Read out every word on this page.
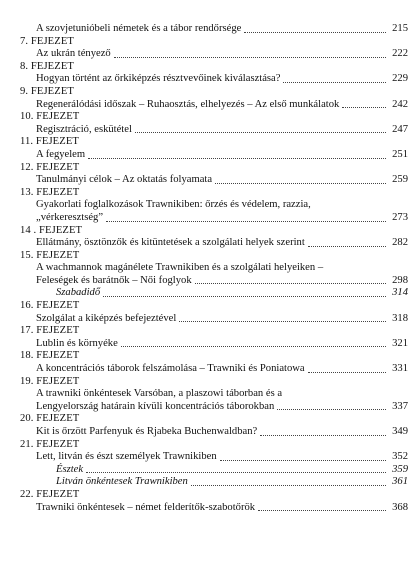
A szovjetunióbeli németek és a tábor rendőrsége	215
7. FEJEZET
Az ukrán tényező	222
8. FEJEZET
Hogyan történt az őrkiképzés résztvevőinek kiválasztása?	229
9. FEJEZET
Regenerálódási időszak – Ruhaosztás, elhelyezés – Az első munkálatok	242
10. FEJEZET
Regisztráció, eskütétel	247
11. FEJEZET
A fegyelem	251
12. FEJEZET
Tanulmányi célok – Az oktatás folyamata	259
13. FEJEZET
Gyakorlati foglalkozások Trawnikiben: őrzés és védelem, razzia,
„vérkeresztség”	273
14 . FEJEZET
Ellátmány, ösztönzők és kitüntetések a szolgálati helyek szerint	282
15. FEJEZET
A wachmannok magánélete Trawnikiben és a szolgálati helyeiken –
Feleségek és barátnők – Női foglyok	298
Szabadidő	314
16. FEJEZET
Szolgálat a kiképzés befejeztével	318
17. FEJEZET
Lublin és környéke	321
18. FEJEZET
A koncentrációs táborok felszámolása – Trawniki és Poniatowa	331
19. FEJEZET
A trawniki önkéntesek Varsóban, a plaszowi táborban és a
Lengyelország határain kívüli koncentrációs táborokban	337
20. FEJEZET
Kit is őrzött Parfenyuk és Rjabeka Buchenwaldban?	349
21. FEJEZET
Lett, litván és észt személyek Trawnikiben	352
Észtek	359
Litván önkéntesek Trawnikiben	361
22. FEJEZET
Trawniki önkéntesek – német felderítők-szabotőrök	368
